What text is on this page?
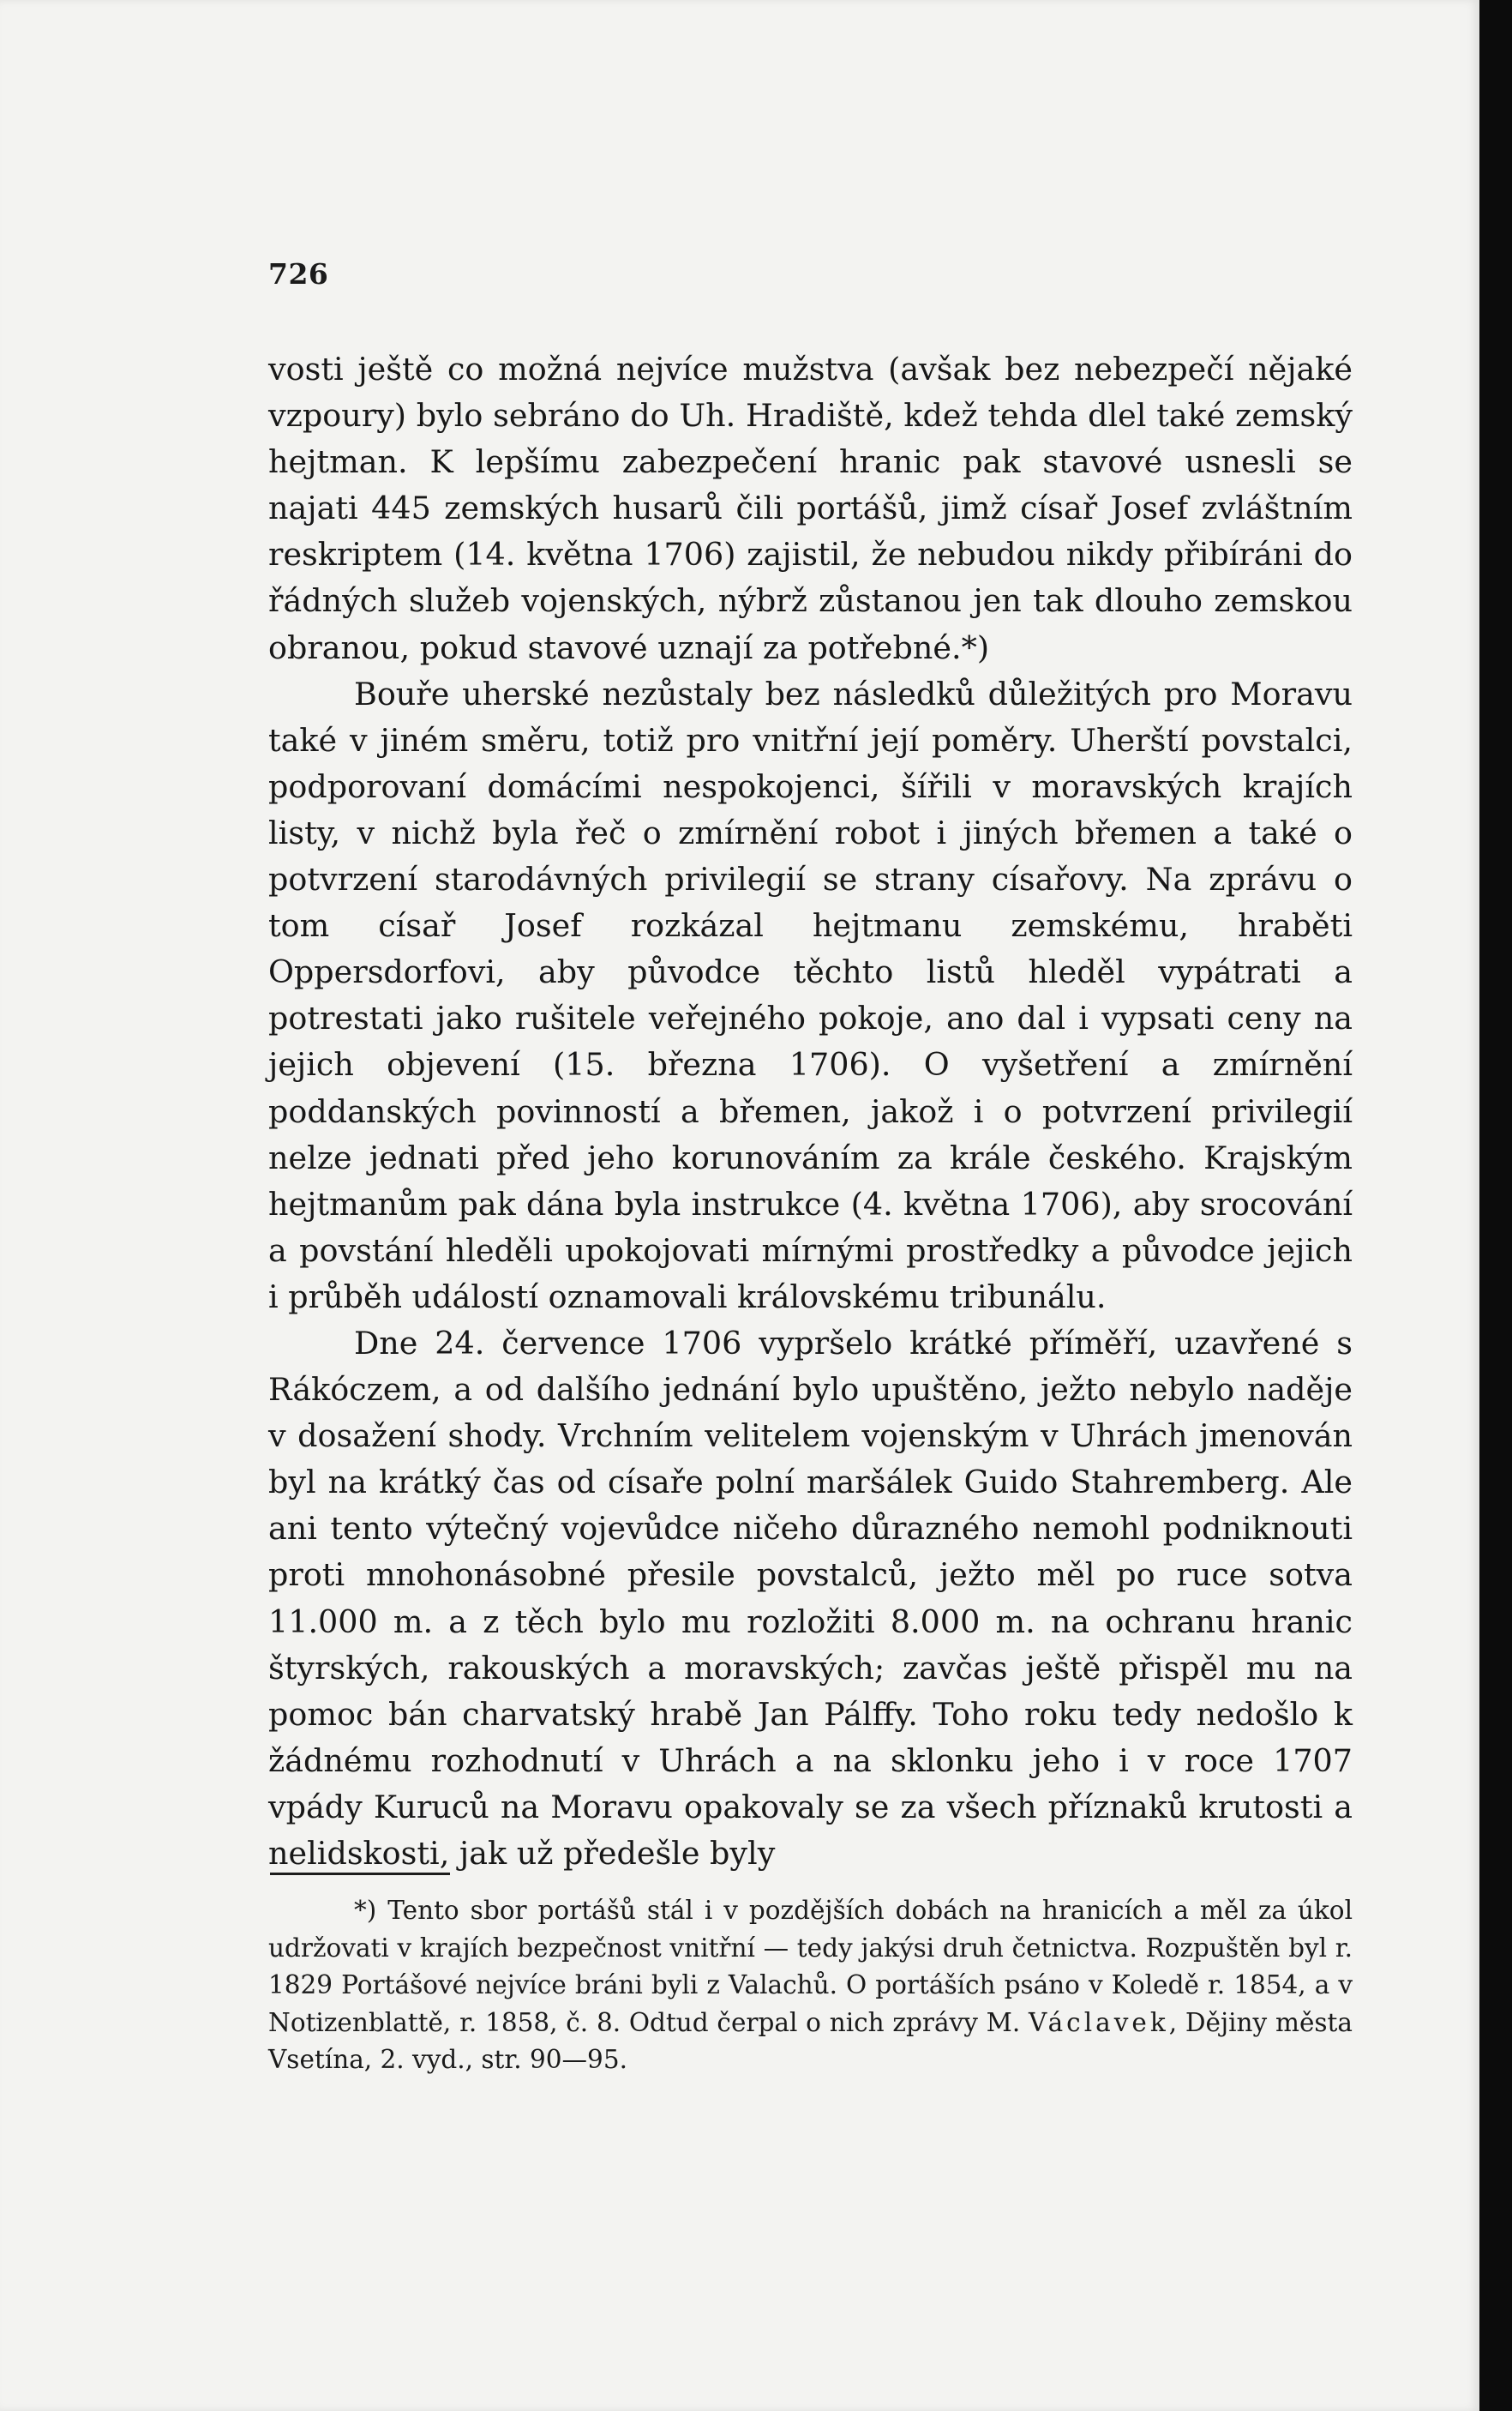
726

vosti ještě co možná nejvíce mužstva (avšak bez nebezpečí nějaké vzpoury) bylo sebráno do Uh. Hradiště, kdež tehda dlel také zemský hejtman. K lepšímu zabezpečení hranic pak stavové usnesli se najati 445 zemských husarů čili portášů, jimž císař Josef zvláštním reskriptem (14. května 1706) zajistil, že nebudou nikdy přibíráni do řádných služeb vojenských, nýbrž zůstanou jen tak dlouho zemskou obranou, pokud stavové uznají za potřebné.*)

Bouře uherské nezůstaly bez následků důležitých pro Moravu také v jiném směru, totiž pro vnitřní její poměry. Uherští povstalci, podporovaní domácími nespokojenci, šířili v moravských krajích listy, v nichž byla řeč o zmírnění robot i jiných břemen a také o potvrzení starodávných privilegií se strany císařovy. Na zprávu o tom císař Josef rozkázal hejtmanu zemskému, hraběti Oppersdorfovi, aby původce těchto listů hleděl vypátrati a potrestati jako rušitele veřejného pokoje, ano dal i vypsati ceny na jejich objevení (15. března 1706). O vyšetření a zmírnění poddanských povinností a břemen, jakož i o potvrzení privilegií nelze jednati před jeho korunováním za krále českého. Krajským hejtmanům pak dána byla instrukce (4. května 1706), aby srocování a povstání hleděli upokojovati mírnými prostředky a původce jejich i průběh událostí oznamovali královskému tribunálu.

Dne 24. července 1706 vypršelo krátké příměří, uzavřené s Rákóczem, a od dalšího jednání bylo upuštěno, ježto nebylo naděje v dosažení shody. Vrchním velitelem vojenským v Uhrách jmenován byl na krátký čas od císaře polní maršálek Guido Stahremberg. Ale ani tento výtečný vojevůdce ničeho důrazného nemohl podniknouti proti mnohonásobné přesile povstalců, ježto měl po ruce sotva 11.000 m. a z těch bylo mu rozložiti 8.000 m. na ochranu hranic štyrských, rakouských a moravských; zavčas ještě přispěl mu na pomoc bán charvatský hrabě Jan Pálffy. Toho roku tedy nedošlo k žádnému rozhodnutí v Uhrách a na sklonku jeho i v roce 1707 vpády Kuruců na Moravu opakovaly se za všech příznaků krutosti a nelidskosti, jak už předešle byly

*) Tento sbor portášů stál i v pozdějších dobách na hranicích a měl za úkol udržovati v krajích bezpečnost vnitřní — tedy jakýsi druh četnictva. Rozpuštěn byl r. 1829 Portášové nejvíce bráni byli z Valachů. O portáších psáno v Koledě r. 1854, a v Notizenblattě, r. 1858, č. 8. Odtud čerpal o nich zprávy M. Václavek, Dějiny města Vsetína, 2. vyd., str. 90—95.
